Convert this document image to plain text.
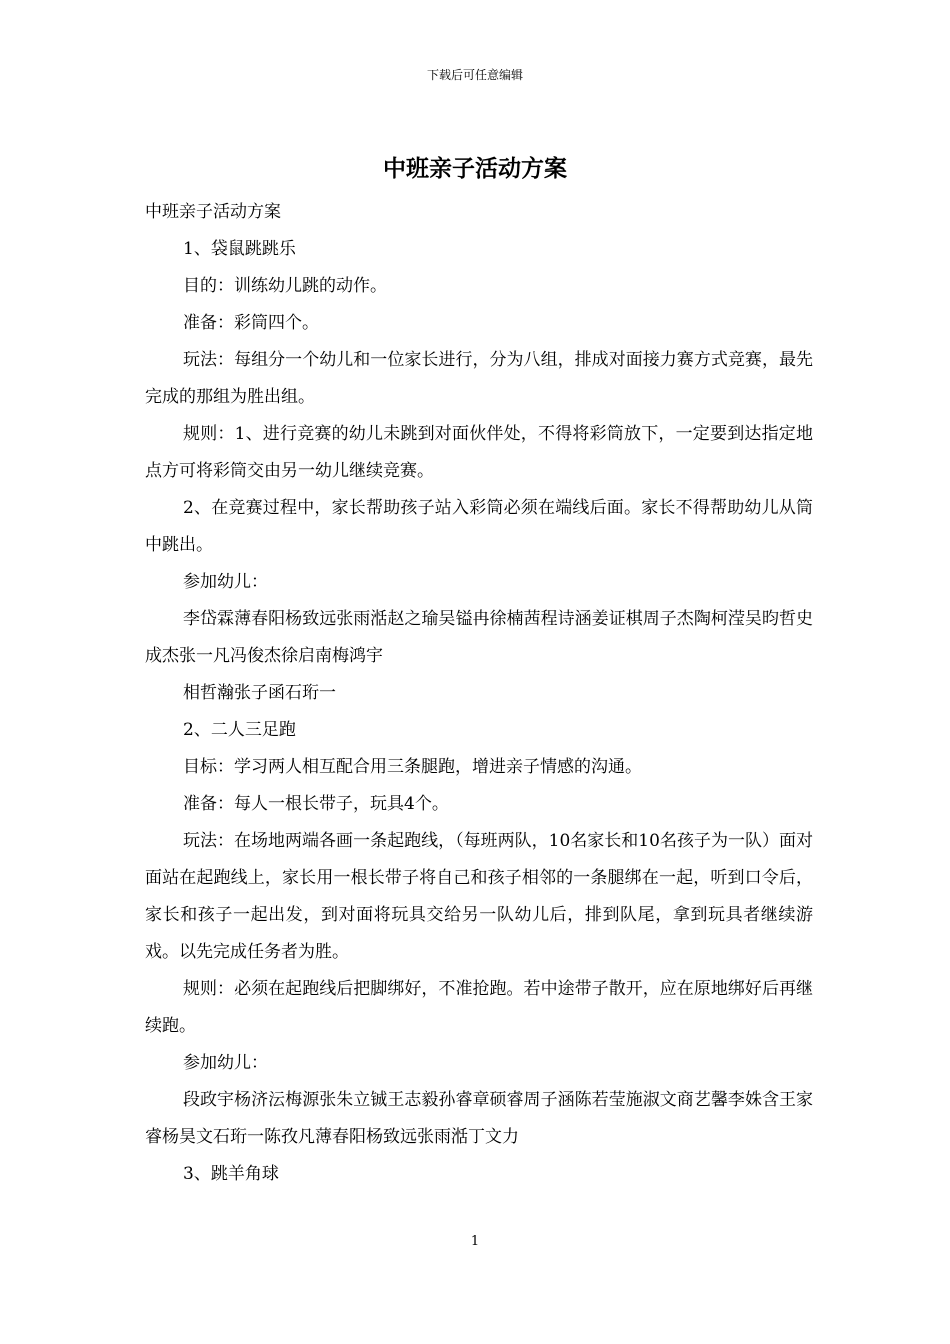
下载后可任意编辑
中班亲子活动方案

中班亲子活动方案

1、袋鼠跳跳乐

目的：训练幼儿跳的动作。

准备：彩筒四个。

玩法：每组分一个幼儿和一位家长进行，分为八组，排成对面接力赛方式竞赛，最先完成的那组为胜出组。

规则：1、进行竞赛的幼儿未跳到对面伙伴处，不得将彩筒放下，一定要到达指定地点方可将彩筒交由另一幼儿继续竞赛。

2、在竞赛过程中，家长帮助孩子站入彩筒必须在端线后面。家长不得帮助幼儿从筒中跳出。

参加幼儿：

李岱霖薄春阳杨致远张雨湉赵之瑜吴镒冉徐楠茜程诗涵姜证棋周子杰陶柯滢吴昀哲史成杰张一凡冯俊杰徐启南梅鸿宇

相哲瀚张子函石珩一

2、二人三足跑

目标：学习两人相互配合用三条腿跑，增进亲子情感的沟通。

准备：每人一根长带子，玩具4个。

玩法：在场地两端各画一条起跑线，（每班两队，10名家长和10名孩子为一队）面对面站在起跑线上，家长用一根长带子将自己和孩子相邻的一条腿绑在一起，听到口令后，家长和孩子一起出发，到对面将玩具交给另一队幼儿后，排到队尾，拿到玩具者继续游戏。以先完成任务者为胜。

规则：必须在起跑线后把脚绑好，不准抢跑。若中途带子散开，应在原地绑好后再继续跑。

参加幼儿：

段政宇杨济沄梅源张朱立铖王志毅孙睿章硕睿周子涵陈若莹施淑文商艺馨李姝含王家睿杨昊文石珩一陈孜凡薄春阳杨致远张雨湉丁文力

3、跳羊角球

1
